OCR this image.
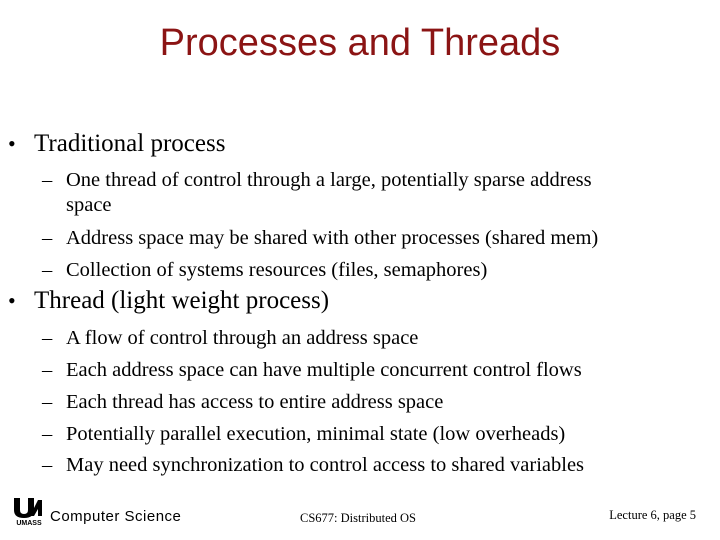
Processes and Threads
• Traditional process
– One thread of control through a large, potentially sparse address
space
– Address space may be shared with other processes (shared mem)
– Collection of systems resources (files, semaphores)
• Thread (light weight process)
– A flow of control through an address space
– Each address space can have multiple concurrent control flows
– Each thread has access to entire address space
– Potentially parallel execution, minimal state (low overheads)
– May need synchronization to control access to shared variables
UMASS Computer Science	CS677: Distributed OS	Lecture 6, page 5
